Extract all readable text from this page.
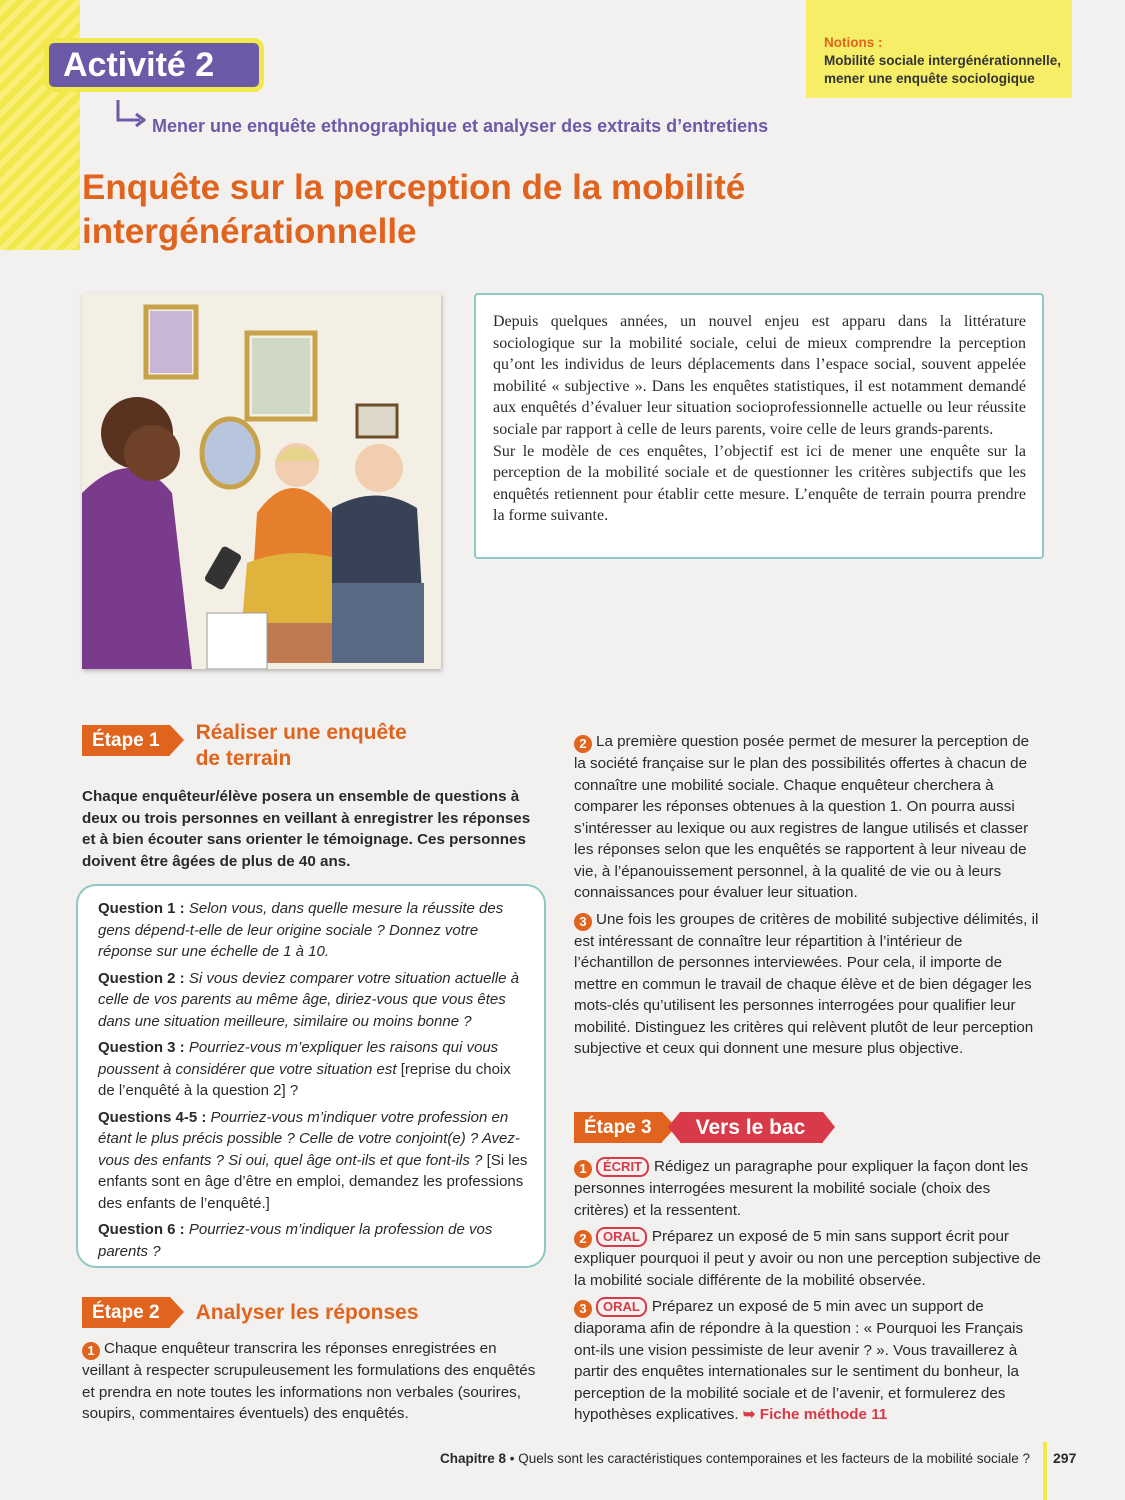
Activité 2
Mener une enquête ethnographique et analyser des extraits d’entretiens
Notions :
Mobilité sociale intergénérationnelle, mener une enquête sociologique
Enquête sur la perception de la mobilité
intergénérationnelle

Depuis quelques années, un nouvel enjeu est apparu dans la littérature sociologique sur la mobilité sociale, celui de mieux comprendre la perception qu’ont les individus de leurs déplacements dans l’espace social, souvent appelée mobilité « subjective ». Dans les enquêtes statistiques, il est notamment demandé aux enquêtés d’évaluer leur situation socioprofessionnelle actuelle ou leur réussite sociale par rapport à celle de leurs parents, voire celle de leurs grands-parents.

Sur le modèle de ces enquêtes, l’objectif est ici de mener une enquête sur la perception de la mobilité sociale et de questionner les critères subjectifs que les enquêtés retiennent pour établir cette mesure. L’enquête de terrain pourra prendre la forme suivante.

Étape 1	Réaliser une enquête
de terrain
Chaque enquêteur/élève posera un ensemble de questions à deux ou trois personnes en veillant à enregistrer les réponses et à bien écouter sans orienter le témoignage. Ces personnes doivent être âgées de plus de 40 ans.

Question 1 : Selon vous, dans quelle mesure la réussite des gens dépend-t-elle de leur origine sociale ? Donnez votre réponse sur une échelle de 1 à 10.

Question 2 : Si vous deviez comparer votre situation actuelle à celle de vos parents au même âge, diriez-vous que vous êtes dans une situation meilleure, similaire ou moins bonne ?

Question 3 : Pourriez-vous m’expliquer les raisons qui vous poussent à considérer que votre situation est [reprise du choix de l’enquêté à la question 2] ?

Questions 4-5 : Pourriez-vous m’indiquer votre profession en étant le plus précis possible ? Celle de votre conjoint(e) ? Avez-vous des enfants ? Si oui, quel âge ont-ils et que font-ils ? [Si les enfants sont en âge d’être en emploi, demandez les professions des enfants de l’enquêté.]

Question 6 : Pourriez-vous m’indiquer la profession de vos parents ?

Étape 2	Analyser les réponses
1 Chaque enquêteur transcrira les réponses enregistrées en veillant à respecter scrupuleusement les formulations des enquêtés et prendra en note toutes les informations non verbales (sourires, soupirs, commentaires éventuels) des enquêtés.

2 La première question posée permet de mesurer la perception de la société française sur le plan des possibilités offertes à chacun de connaître une mobilité sociale. Chaque enquêteur cherchera à comparer les réponses obtenues à la question 1. On pourra aussi s’intéresser au lexique ou aux registres de langue utilisés et classer les réponses selon que les enquêtés se rapportent à leur niveau de vie, à l’épanouissement personnel, à la qualité de vie ou à leurs connaissances pour évaluer leur situation.

3 Une fois les groupes de critères de mobilité subjective délimités, il est intéressant de connaître leur répartition à l’intérieur de l’échantillon de personnes interviewées. Pour cela, il importe de mettre en commun le travail de chaque élève et de bien dégager les mots-clés qu’utilisent les personnes interrogées pour qualifier leur mobilité. Distinguez les critères qui relèvent plutôt de leur perception subjective et ceux qui donnent une mesure plus objective.

Étape 3	Vers le bac

1 ÉCRIT Rédigez un paragraphe pour expliquer la façon dont les personnes interrogées mesurent la mobilité sociale (choix des critères) et la ressentent.

2 ORAL Préparez un exposé de 5 min sans support écrit pour expliquer pourquoi il peut y avoir ou non une perception subjective de la mobilité sociale différente de la mobilité observée.

3 ORAL Préparez un exposé de 5 min avec un support de diaporama afin de répondre à la question : « Pourquoi les Français ont-ils une vision pessimiste de leur avenir ? ». Vous travaillerez à partir des enquêtes internationales sur le sentiment du bonheur, la perception de la mobilité sociale et de l’avenir, et formulerez des hypothèses explicatives. ➥ Fiche méthode 11

Chapitre 8 • Quels sont les caractéristiques contemporaines et les facteurs de la mobilité sociale ? 297
